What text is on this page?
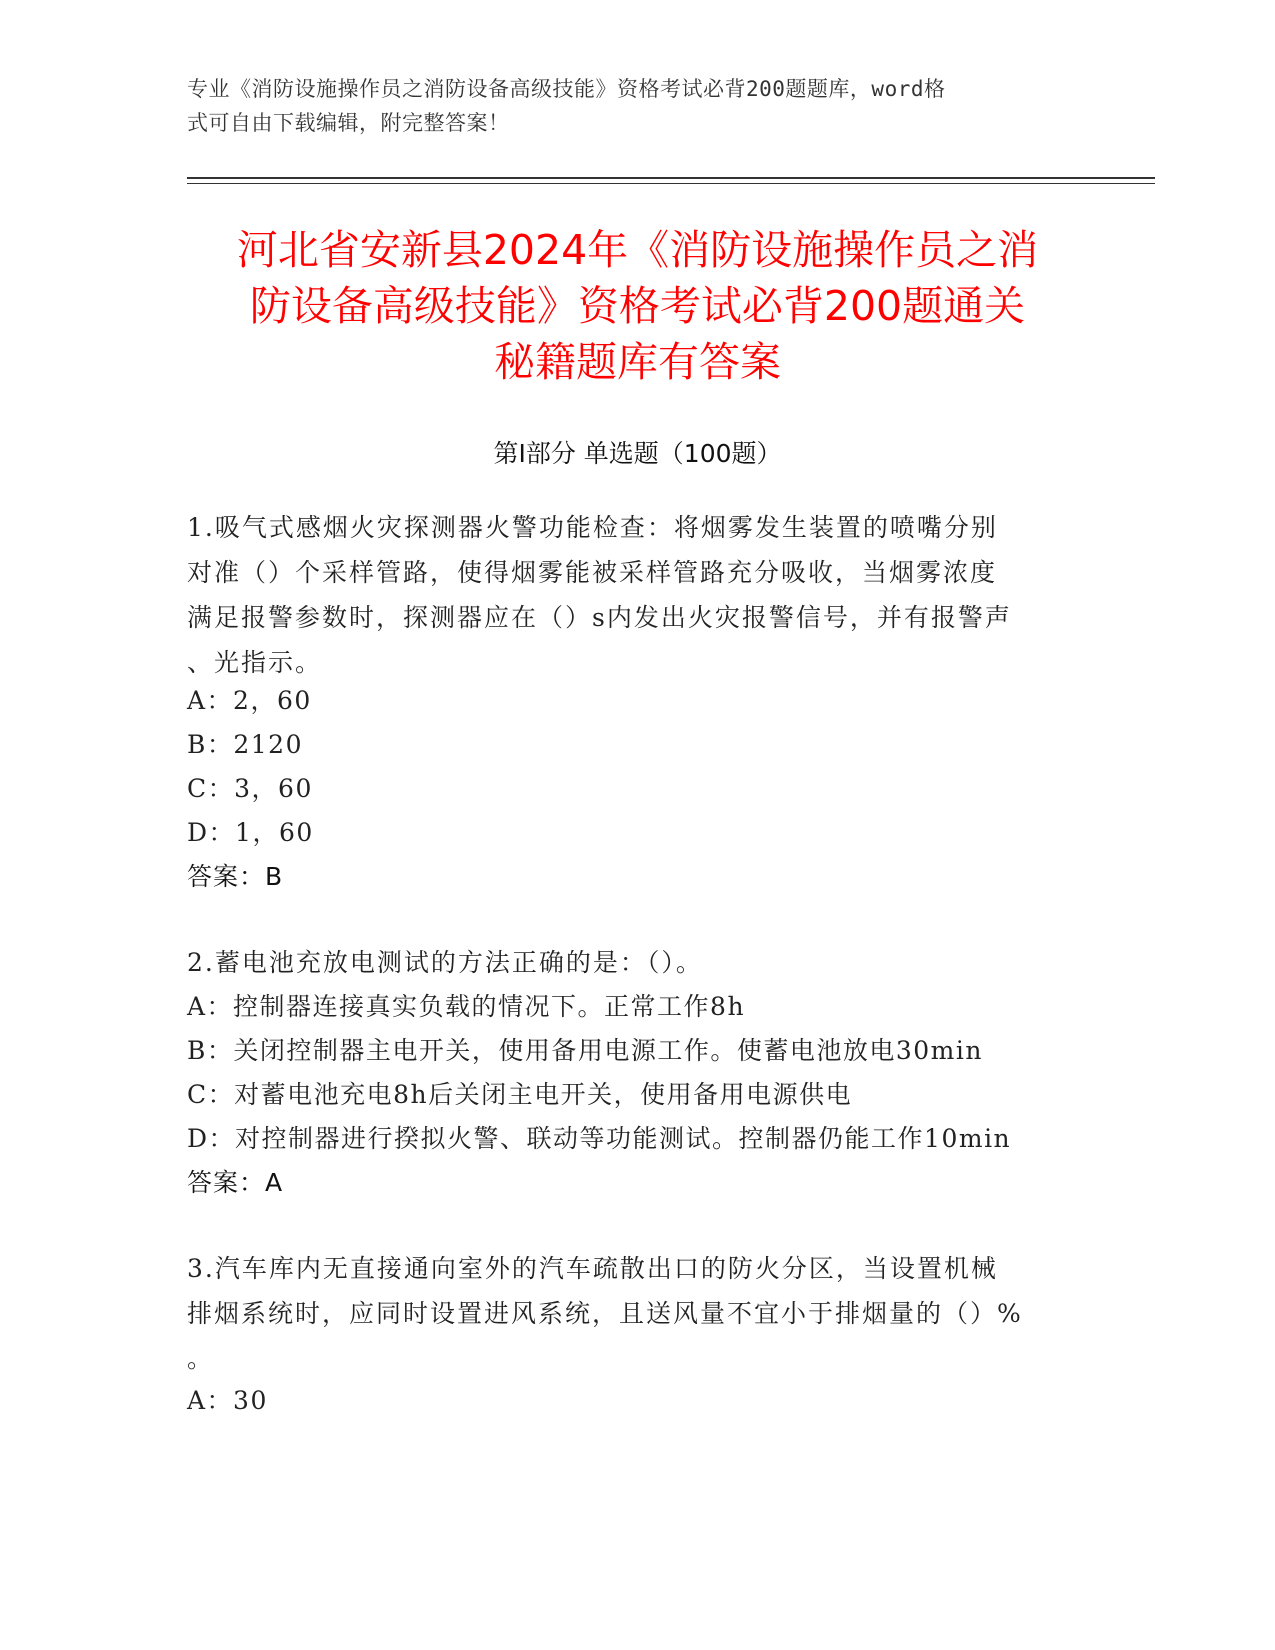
专业《消防设施操作员之消防设备高级技能》资格考试必背200题题库，word格
式可自由下载编辑，附完整答案！
河北省安新县2024年《消防设施操作员之消
防设备高级技能》资格考试必背200题通关
秘籍题库有答案
第Ⅰ部分 单选题（100题）
1.吸气式感烟火灾探测器火警功能检查：将烟雾发生装置的喷嘴分别
对准（）个采样管路，使得烟雾能被采样管路充分吸收，当烟雾浓度
满足报警参数时，探测器应在（）s内发出火灾报警信号，并有报警声
、光指示。
A：2，60
B：2120
C：3，60
D：1，60
答案：B
2.蓄电池充放电测试的方法正确的是：（）。
A：控制器连接真实负载的情况下。正常工作8h
B：关闭控制器主电开关，使用备用电源工作。使蓄电池放电30min
C：对蓄电池充电8h后关闭主电开关，使用备用电源供电
D：对控制器进行揆拟火警、联动等功能测试。控制器仍能工作10min
答案：A
3.汽车库内无直接通向室外的汽车疏散出口的防火分区，当设置机械
排烟系统时，应同时设置进风系统，且送风量不宜小于排烟量的（）%
。
A：30
